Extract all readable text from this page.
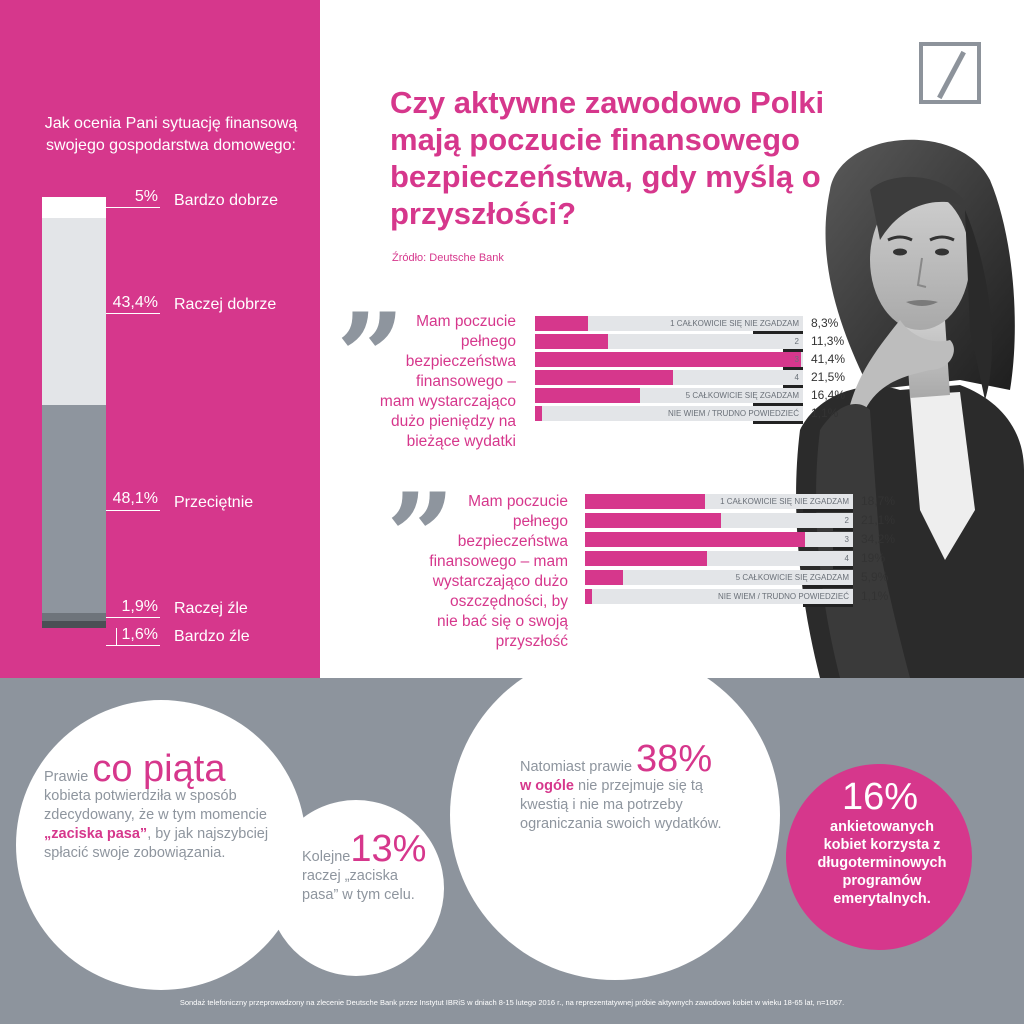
Jak ocenia Pani sytuację finansową swojego gospodarstwa domowego:
5% Bardzo dobrze
43,4% Raczej dobrze
48,1% Przeciętnie
1,9% Raczej źle
1,6% Bardzo źle
Czy aktywne zawodowo Polki mają poczucie finansowego bezpieczeństwa, gdy myślą o przyszłości?
Źródło: Deutsche Bank
” Mam poczucie pełnego bezpieczeństwa finansowego – mam wystarczająco dużo pieniędzy na bieżące wydatki
1 CAŁKOWICIE SIĘ NIE ZGADZAM 8,3%
2 11,3%
3 41,4%
4 21,5%
5 CAŁKOWICIE SIĘ ZGADZAM 16,4%
NIE WIEM / TRUDNO POWIEDZIEĆ 1,1%
” Mam poczucie pełnego bezpieczeństwa finansowego – mam wystarczająco dużo oszczędności, by nie bać się o swoją przyszłość
1 CAŁKOWICIE SIĘ NIE ZGADZAM 18,7%
2 21,1%
3 34,2%
4 19%
5 CAŁKOWICIE SIĘ ZGADZAM 5,9%
NIE WIEM / TRUDNO POWIEDZIEĆ 1,1%
Prawie co piąta
kobieta potwierdziła w sposób zdecydowany, że w tym momencie „zaciska pasa”, by jak najszybciej spłacić swoje zobowiązania.	Kolejne13%
raczej „zaciska pasa” w tym celu.
Natomiast prawie 38%
w ogóle nie przejmuje się tą kwestią i nie ma potrzeby ograniczania swoich wydatków.
16%
ankietowanych kobiet korzysta z długoterminowych programów emerytalnych.
Sondaż telefoniczny przeprowadzony na zlecenie Deutsche Bank przez Instytut IBRiS w dniach 8-15 lutego 2016 r., na reprezentatywnej próbie aktywnych zawodowo kobiet w wieku 18-65 lat, n=1067.
